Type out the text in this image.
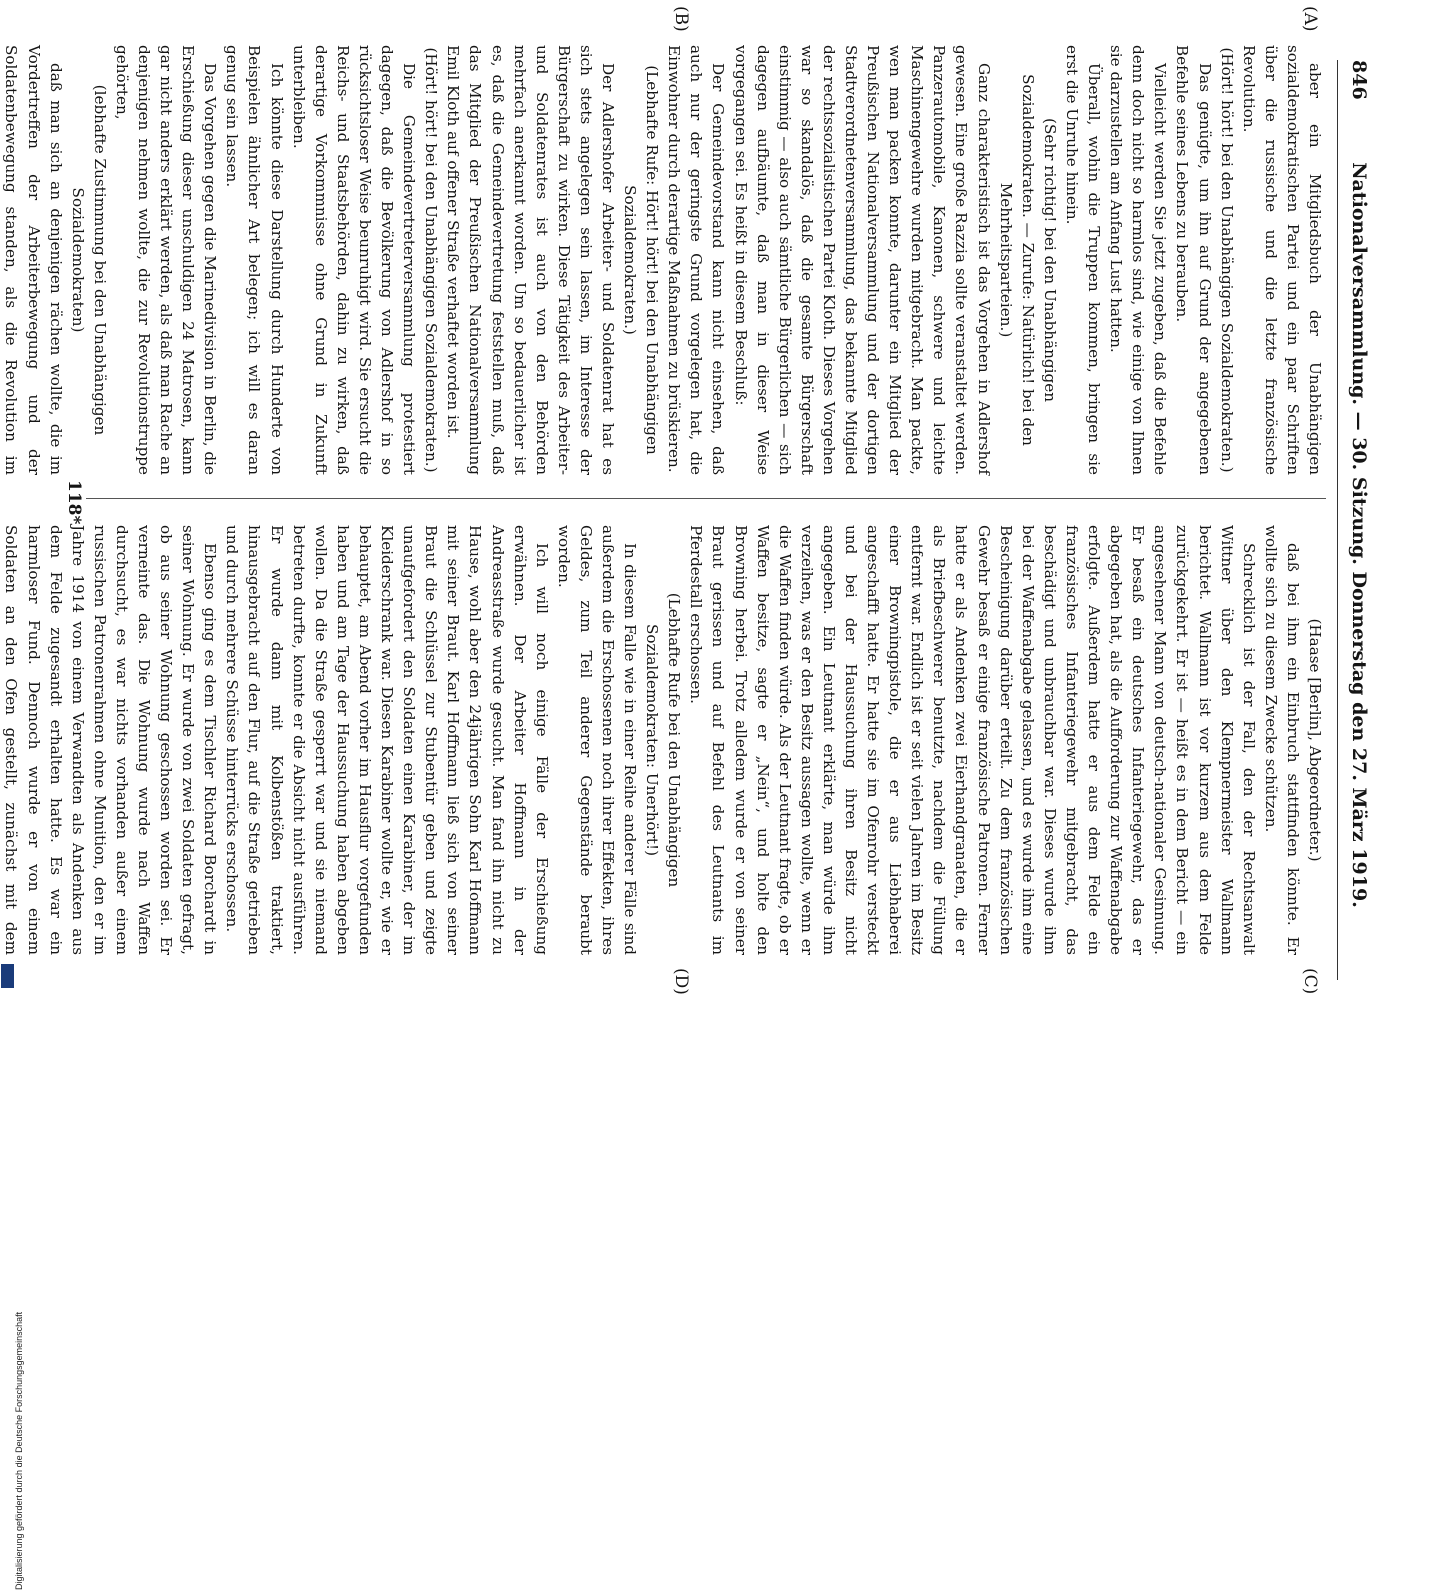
Digitalisierung gefördert durch die Deutsche Forschungsgemeinschaft
846
Nationalversammlung. — 30. Sitzung. Donnerstag den 27. März 1919.
(A)
(B)
(C)
(D)

aber ein Mitgliedsbuch der Unabhängigen sozialdemokratischen Partei und ein paar Schriften über die russische und die letzte französische Revolution.

(Hört! hört! bei den Unabhängigen Sozialdemokraten.)

Das genügte, um ihn auf Grund der angegebenen Befehle seines Lebens zu berauben.

Vielleicht werden Sie jetzt zugeben, daß die Befehle denn doch nicht so harmlos sind, wie einige von Ihnen sie darzustellen am Anfang Lust hatten.

Überall, wohin die Truppen kommen, bringen sie erst die Unruhe hinein.

(Sehr richtig! bei den Unabhängigen Sozialdemokraten. — Zurufe: Natürlich! bei den Mehrheitsparteien.)

Ganz charakteristisch ist das Vorgehen in Adlershof gewesen. Eine große Razzia sollte veranstaltet werden. Panzerautomobile, Kanonen, schwere und leichte Maschinengewehre wurden mitgebracht. Man packte, wen man packen konnte, darunter ein Mitglied der Preußischen Nationalversammlung und der dortigen Stadtverordnetenversammlung, das bekannte Mitglied der rechtssozialistischen Partei Kloth. Dieses Vorgehen war so skandalös, daß die gesamte Bürgerschaft einstimmig — also auch sämtliche Bürgerlichen — sich dagegen aufbäumte, daß man in dieser Weise vorgegangen sei. Es heißt in diesem Beschluß:

Der Gemeindevorstand kann nicht einsehen, daß auch nur der geringste Grund vorgelegen hat, die Einwohner durch derartige Maßnahmen zu brüskieren.

(Lebhafte Rufe: Hört! hört! bei den Unabhängigen Sozialdemokraten.)

Der Adlershofer Arbeiter- und Soldatenrat hat es sich stets angelegen sein lassen, im Interesse der Bürgerschaft zu wirken. Diese Tätigkeit des Arbeiter- und Soldatenrates ist auch von den Behörden mehrfach anerkannt worden. Um so bedauerlicher ist es, daß die Gemeindevertretung feststellen muß, daß das Mitglied der Preußischen Nationalversammlung Emil Kloth auf offener Straße verhaftet worden ist.

(Hört! hört! bei den Unabhängigen Sozialdemokraten.)

Die Gemeindevertreterversammlung protestiert dagegen, daß die Bevölkerung von Adlershof in so rücksichtsloser Weise beunruhigt wird. Sie ersucht die Reichs- und Staatsbehörden, dahin zu wirken, daß derartige Vorkommnisse ohne Grund in Zukunft unterbleiben.

Ich könnte diese Darstellung durch Hunderte von Beispielen ähnlicher Art belegen; ich will es daran genug sein lassen.

Das Vorgehen gegen die Marinedivision in Berlin, die Erschießung dieser unschuldigen 24 Matrosen, kann gar nicht anders erklärt werden, als daß man Rache an denjenigen nehmen wollte, die zur Revolutionstruppe gehörten,

(lebhafte Zustimmung bei den Unabhängigen Sozialdemokraten)

daß man sich an denjenigen rächen wollte, die im Vordertreffen der Arbeiterbewegung und der Soldatenbewegung standen, als die Revolution im

(Haase [Berlin], Abgeordneter.)

daß bei ihm ein Einbruch stattfinden könnte. Er wollte sich zu diesem Zwecke schützen.

Schrecklich ist der Fall, den der Rechtsanwalt Wittner über den Klempnermeister Wallmann berichtet. Wallmann ist vor kurzem aus dem Felde zurückgekehrt. Er ist — heißt es in dem Bericht — ein angesehener Mann von deutsch-nationaler Gesinnung. Er besaß ein deutsches Infanteriegewehr, das er abgegeben hat, als die Aufforderung zur Waffenabgabe erfolgte. Außerdem hatte er aus dem Felde ein französisches Infanteriegewehr mitgebracht, das beschädigt und unbrauchbar war. Dieses wurde ihm bei der Waffenabgabe gelassen, und es wurde ihm eine Bescheinigung darüber erteilt. Zu dem französischen Gewehr besaß er einige französische Patronen. Ferner hatte er als Andenken zwei Eierhandgranaten, die er als Briefbeschwerer benutzte, nachdem die Füllung entfernt war. Endlich ist er seit vielen Jahren im Besitz einer Browningpistole, die er aus Liebhaberei angeschafft hatte. Er hatte sie im Ofenrohr versteckt und bei der Haussuchung ihren Besitz nicht angegeben. Ein Leutnant erklärte, man würde ihm verzeihen, was er den Besitz aussagen wollte, wenn er die Waffen finden würde. Als der Leutnant fragte, ob er Waffen besitze, sagte er „Nein“, und holte den Browning herbei. Trotz alledem wurde er von seiner Braut gerissen und auf Befehl des Leutnants im Pferdestall erschossen.

(Lebhafte Rufe bei den Unabhängigen Sozialdemokraten: Unerhört!)

In diesem Falle wie in einer Reihe anderer Fälle sind außerdem die Erschossenen noch ihrer Effekten, ihres Geldes, zum Teil anderer Gegenstände beraubt worden.

Ich will noch einige Fälle der Erschießung erwähnen. Der Arbeiter Hoffmann in der Andreasstraße wurde gesucht. Man fand ihn nicht zu Hause, wohl aber den 24jährigen Sohn Karl Hoffmann mit seiner Braut. Karl Hoffmann ließ sich von seiner Braut die Schlüssel zur Stubentür geben und zeigte unaufgefordert den Soldaten einen Karabiner, der im Kleiderschrank war. Diesen Karabiner wollte er, wie er behauptet, am Abend vorher im Hausflur vorgefunden haben und am Tage der Haussuchung haben abgeben wollen. Da die Straße gesperrt war und sie niemand betreten durfte, konnte er die Absicht nicht ausführen. Er wurde dann mit Kolbenstößen traktiert, hinausgebracht auf den Flur, auf die Straße getrieben und durch mehrere Schüsse hinterrücks erschossen.

Ebenso ging es dem Tischler Richard Borchardt in seiner Wohnung. Er wurde von zwei Soldaten gefragt, ob aus seiner Wohnung geschossen worden sei. Er verneinte das. Die Wohnung wurde nach Waffen durchsucht, es war nichts vorhanden außer einem russischen Patronenrahmen ohne Munition, den er im Jahre 1914 von einem Verwandten als Andenken aus dem Felde zugesandt erhalten hatte. Es war ein harmloser Fund. Dennoch wurde er von einem Soldaten an den Ofen gestellt, zunächst mit dem

118*
